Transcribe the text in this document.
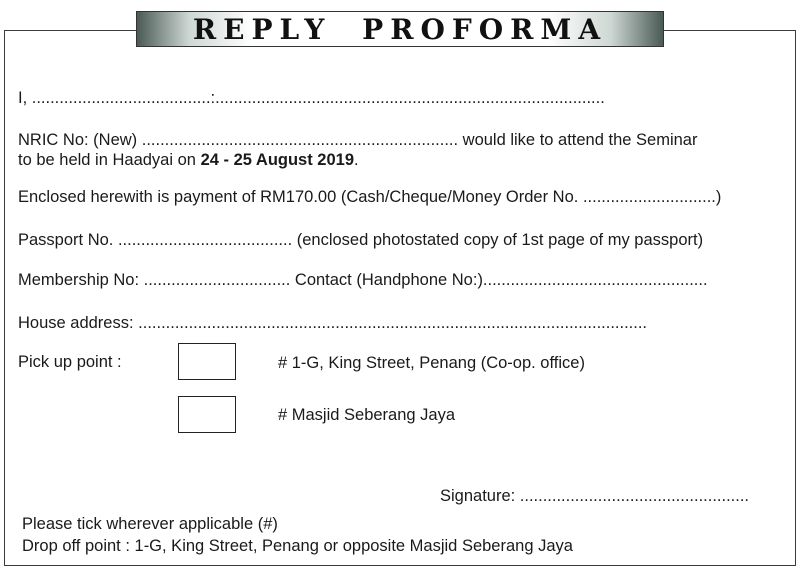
REPLY PROFORMA
I, .......................................:.....................................................................................
NRIC No: (New) ..................................................................... would like to attend the Seminar
to be held in Haadyai on 24 - 25 August 2019.
Enclosed herewith is payment of RM170.00 (Cash/Cheque/Money Order No. .............................)
Passport No. ...................................... (enclosed photostated copy of 1st page of my passport)
Membership No: ................................ Contact (Handphone No:).................................................
House address: ...............................................................................................................
Pick up point :	# 1-G, King Street, Penang (Co-op. office)
# Masjid Seberang Jaya
Signature: ..................................................
Please tick wherever applicable (#)
Drop off point : 1-G, King Street, Penang or opposite Masjid Seberang Jaya
